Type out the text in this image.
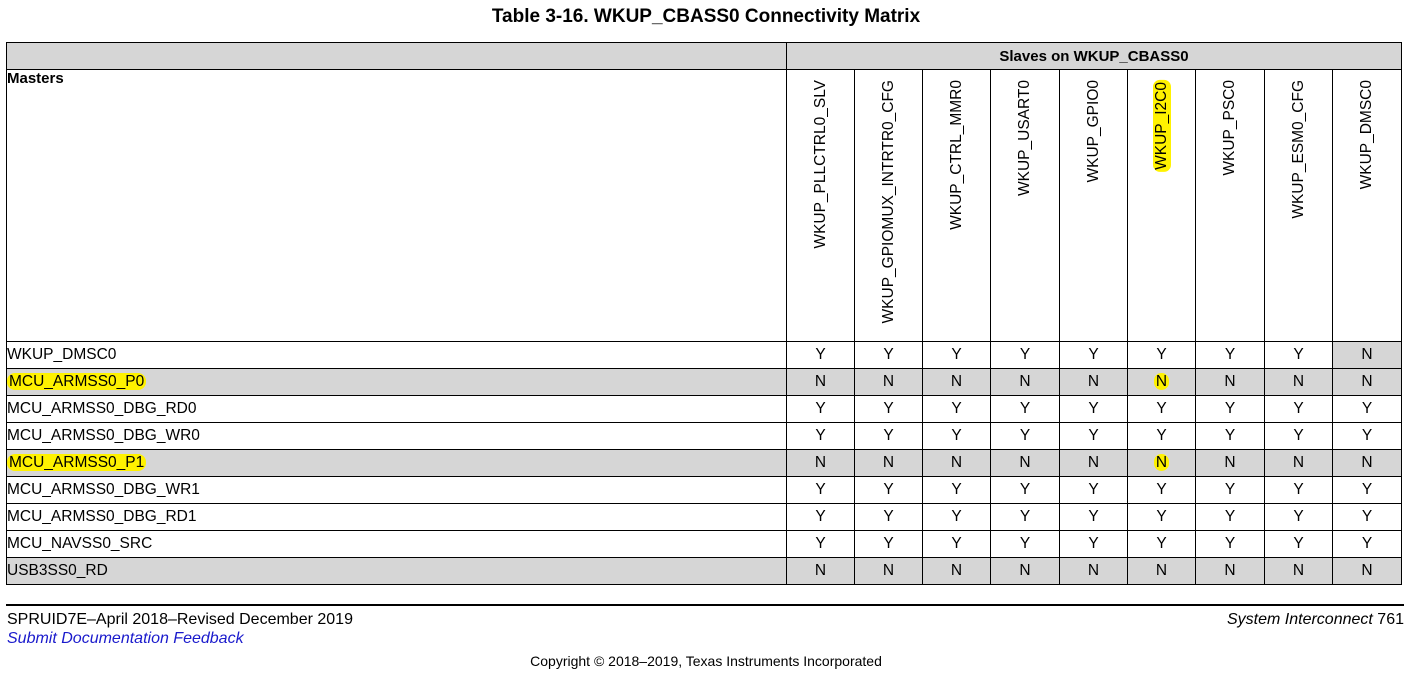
Table 3-16. WKUP_CBASS0 Connectivity Matrix
	Slaves on WKUP_CBASS0								
Masters	WKUP_PLLCTRL0_SLV	WKUP_GPIOMUX_INTRTR0_CFG	WKUP_CTRL_MMR0	WKUP_USART0	WKUP_GPIO0	WKUP_I2C0	WKUP_PSC0	WKUP_ESM0_CFG	WKUP_DMSC0

WKUP_DMSC0	Y	Y	Y	Y	Y	Y	Y	Y	N
MCU_ARMSS0_P0	N	N	N	N	N	N	N	N	N
MCU_ARMSS0_DBG_RD0	Y	Y	Y	Y	Y	Y	Y	Y	Y
MCU_ARMSS0_DBG_WR0	Y	Y	Y	Y	Y	Y	Y	Y	Y
MCU_ARMSS0_P1	N	N	N	N	N	N	N	N	N
MCU_ARMSS0_DBG_WR1	Y	Y	Y	Y	Y	Y	Y	Y	Y
MCU_ARMSS0_DBG_RD1	Y	Y	Y	Y	Y	Y	Y	Y	Y
MCU_NAVSS0_SRC	Y	Y	Y	Y	Y	Y	Y	Y	Y
USB3SS0_RD	N	N	N	N	N	N	N	N	N
SPRUID7E–April 2018–Revised December 2019
Submit Documentation Feedback
System Interconnect 761
Copyright © 2018–2019, Texas Instruments Incorporated
